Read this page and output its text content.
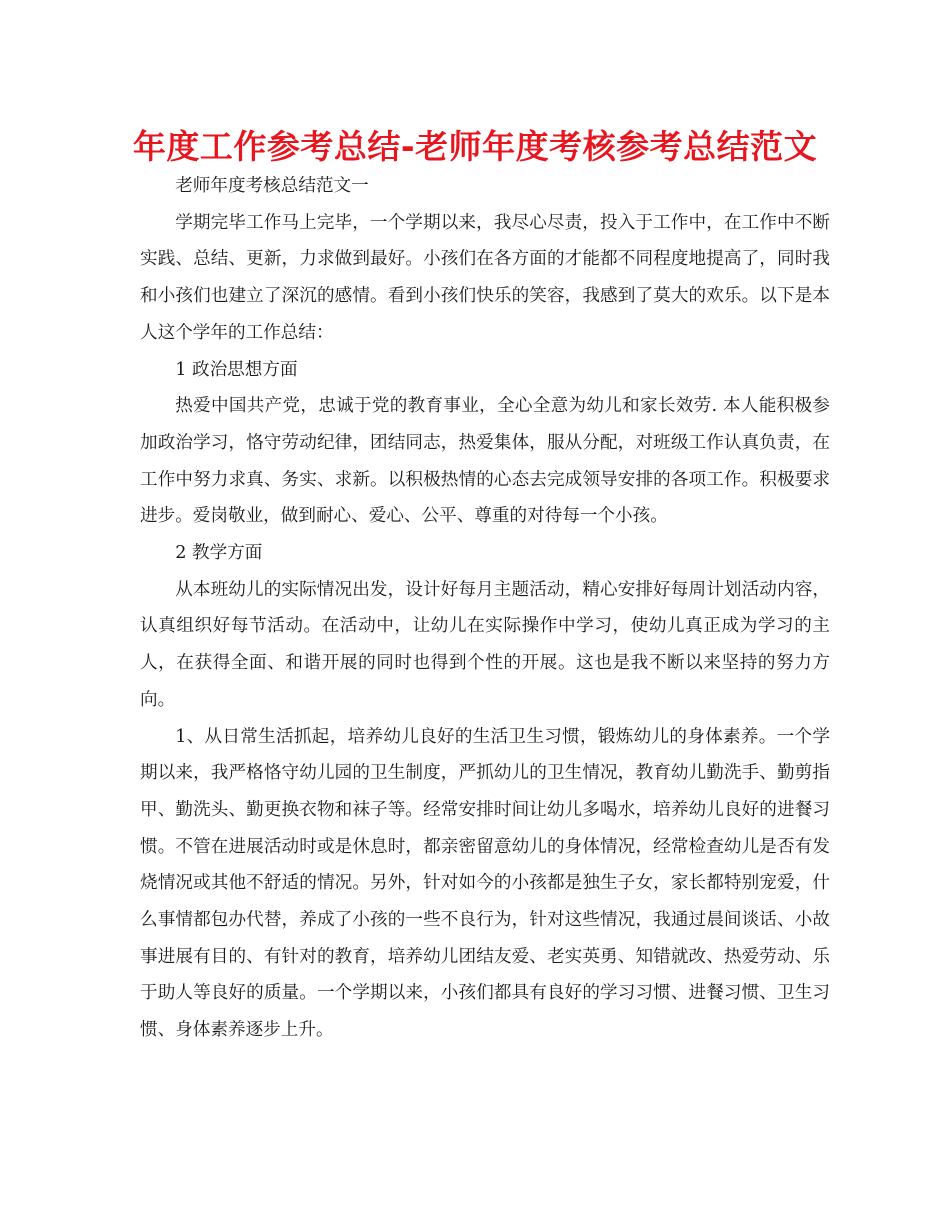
年度工作参考总结-老师年度考核参考总结范文

老师年度考核总结范文一

学期完毕工作马上完毕，一个学期以来，我尽心尽责，投入于工作中，在工作中不断实践、总结、更新，力求做到最好。小孩们在各方面的才能都不同程度地提高了，同时我和小孩们也建立了深沉的感情。看到小孩们快乐的笑容，我感到了莫大的欢乐。以下是本人这个学年的工作总结：

1 政治思想方面

热爱中国共产党，忠诚于党的教育事业，全心全意为幼儿和家长效劳. 本人能积极参加政治学习，恪守劳动纪律，团结同志，热爱集体，服从分配，对班级工作认真负责，在工作中努力求真、务实、求新。以积极热情的心态去完成领导安排的各项工作。积极要求进步。爱岗敬业，做到耐心、爱心、公平、尊重的对待每一个小孩。

2 教学方面

从本班幼儿的实际情况出发，设计好每月主题活动，精心安排好每周计划活动内容，认真组织好每节活动。在活动中，让幼儿在实际操作中学习，使幼儿真正成为学习的主人，在获得全面、和谐开展的同时也得到个性的开展。这也是我不断以来坚持的努力方向。

1、从日常生活抓起，培养幼儿良好的生活卫生习惯，锻炼幼儿的身体素养。一个学期以来，我严格恪守幼儿园的卫生制度，严抓幼儿的卫生情况，教育幼儿勤洗手、勤剪指甲、勤洗头、勤更换衣物和袜子等。经常安排时间让幼儿多喝水，培养幼儿良好的进餐习惯。不管在进展活动时或是休息时，都亲密留意幼儿的身体情况，经常检查幼儿是否有发烧情况或其他不舒适的情况。另外，针对如今的小孩都是独生子女，家长都特别宠爱，什么事情都包办代替，养成了小孩的一些不良行为，针对这些情况，我通过晨间谈话、小故事进展有目的、有针对的教育，培养幼儿团结友爱、老实英勇、知错就改、热爱劳动、乐于助人等良好的质量。一个学期以来，小孩们都具有良好的学习习惯、进餐习惯、卫生习惯、身体素养逐步上升。
